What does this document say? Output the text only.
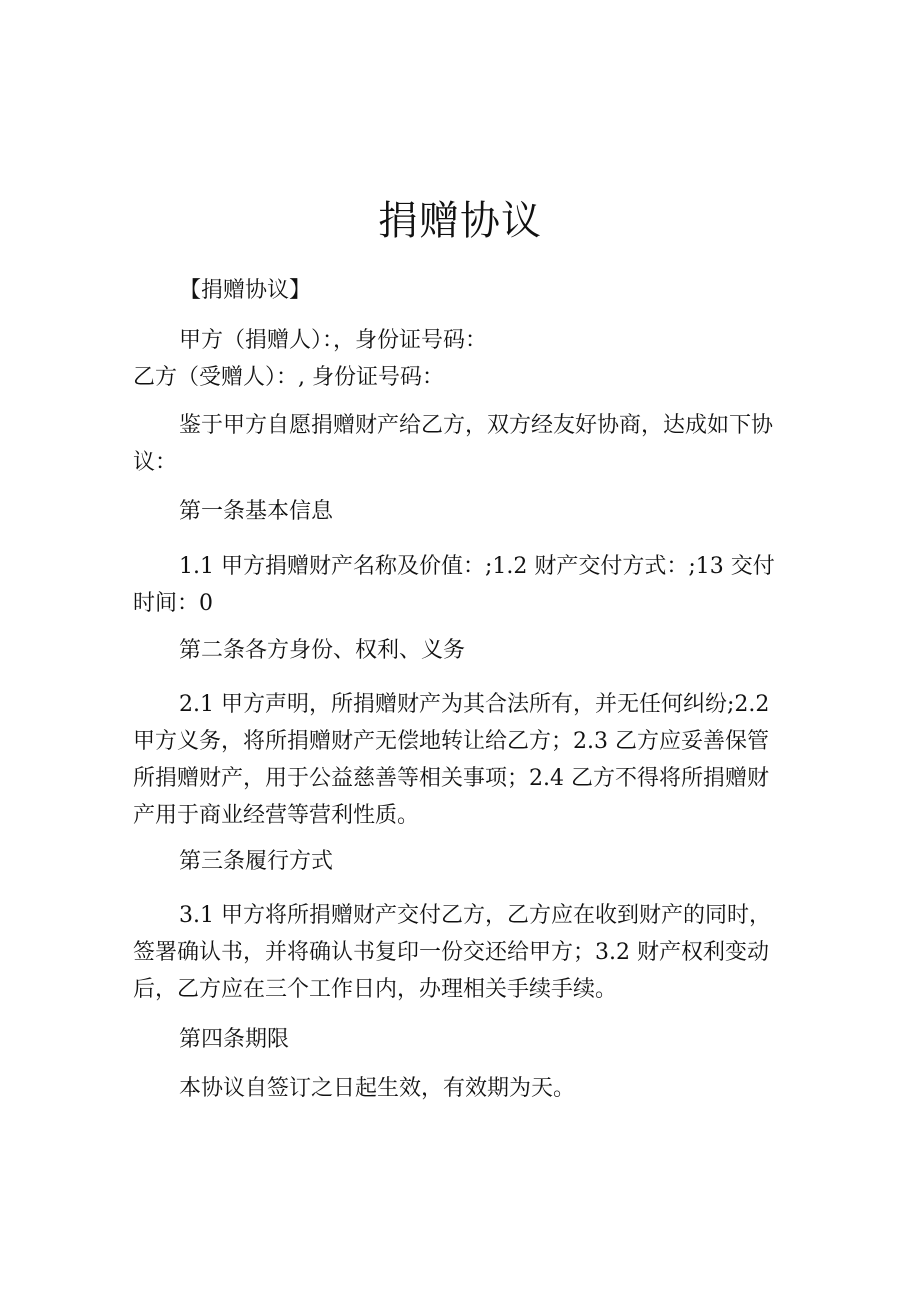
捐赠协议

【捐赠协议】

甲方（捐赠人）：，身份证号码：

乙方（受赠人）：, 身份证号码：

鉴于甲方自愿捐赠财产给乙方，双方经友好协商，达成如下协议：

第一条基本信息

1.1 甲方捐赠财产名称及价值：;1.2 财产交付方式：;13 交付时间：0

第二条各方身份、权利、义务

2.1 甲方声明，所捐赠财产为其合法所有，并无任何纠纷;2.2 甲方义务，将所捐赠财产无偿地转让给乙方；2.3 乙方应妥善保管所捐赠财产，用于公益慈善等相关事项；2.4 乙方不得将所捐赠财产用于商业经营等营利性质。

第三条履行方式

3.1 甲方将所捐赠财产交付乙方，乙方应在收到财产的同时，签署确认书，并将确认书复印一份交还给甲方；3.2 财产权利变动后，乙方应在三个工作日内，办理相关手续手续。

第四条期限

本协议自签订之日起生效，有效期为天。
